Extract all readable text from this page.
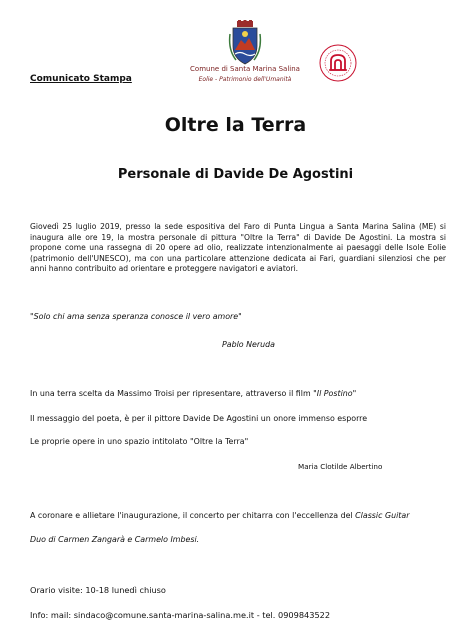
Comune di Santa Marina Salina
Eolie - Patrimonio dell'Umanità
Comunicato Stampa
Oltre la Terra
Personale di Davide De Agostini

Giovedì 25 luglio 2019, presso la sede espositiva del Faro di Punta Lingua a Santa Marina Salina (ME) si inaugura alle ore 19, la mostra personale di pittura "Oltre la Terra" di Davide De Agostini. La mostra si propone come una rassegna di 20 opere ad olio, realizzate intenzionalmente ai paesaggi delle Isole Eolie (patrimonio dell'UNESCO), ma con una particolare attenzione dedicata ai Fari, guardiani silenziosi che per anni hanno contribuito ad orientare e proteggere navigatori e aviatori.

"Solo chi ama senza speranza conosce il vero amore"
Pablo Neruda
In una terra scelta da Massimo Troisi per ripresentare, attraverso il film "Il Postino"
Il messaggio del poeta, è per il pittore Davide De Agostini un onore immenso esporre
Le proprie opere in uno spazio intitolato "Oltre la Terra"
Maria Clotilde Albertino
A coronare e allietare l'inaugurazione, il concerto per chitarra con l'eccellenza del Classic Guitar
Duo di Carmen Zangarà e Carmelo Imbesi.
Orario visite: 10-18 lunedì chiuso
Info: mail: sindaco@comune.santa-marina-salina.me.it - tel. 0909843522
